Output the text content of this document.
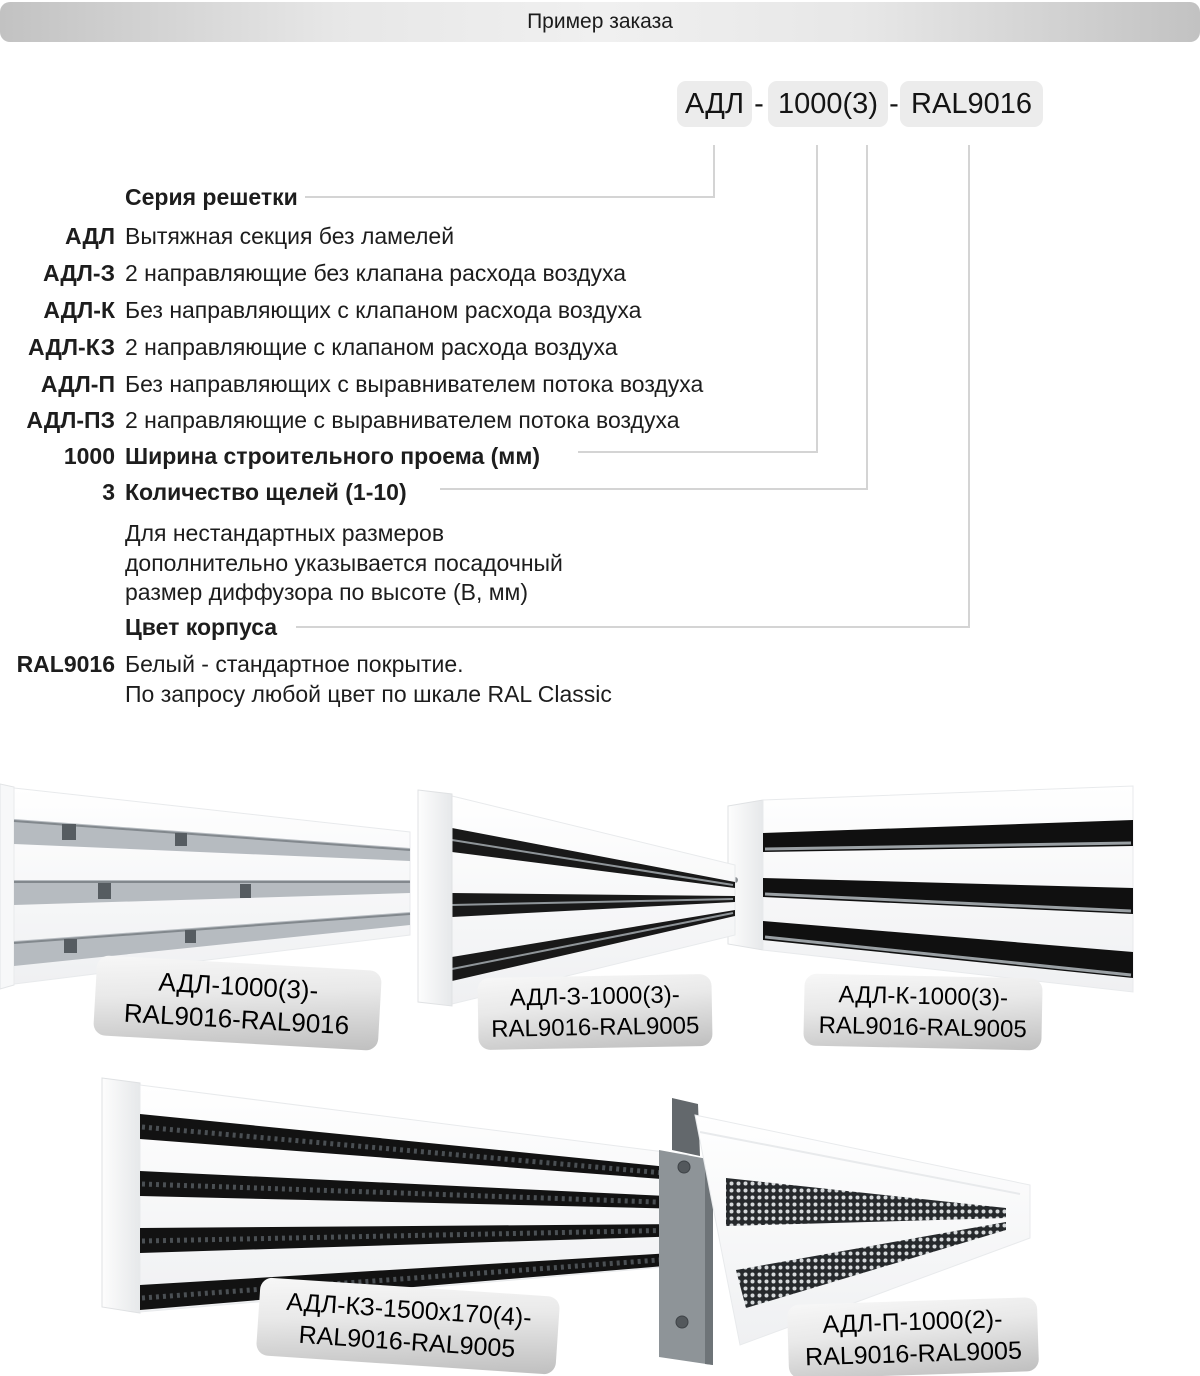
Пример заказа
АДЛ - 1000(3) - RAL9016
Серия решетки
АДЛ Вытяжная секция без ламелей
АДЛ-З 2 направляющие без клапана расхода воздуха
АДЛ-К Без направляющих с клапаном расхода воздуха
АДЛ-КЗ 2 направляющие с клапаном расхода воздуха
АДЛ-П Без направляющих с выравнивателем потока воздуха
АДЛ-ПЗ 2 направляющие с выравнивателем потока воздуха
1000 Ширина строительного проема (мм)
3 Количество щелей (1-10)
Для нестандартных размеров
дополнительно указывается посадочный
размер диффузора по высоте (В, мм)
Цвет корпуса
RAL9016 Белый - стандартное покрытие.
По запросу любой цвет по шкале RAL Classic
АДЛ-1000(3)-
RAL9016-RAL9016
АДЛ-З-1000(3)-
RAL9016-RAL9005
АДЛ-К-1000(3)-
RAL9016-RAL9005
АДЛ-КЗ-1500х170(4)-
RAL9016-RAL9005	АДЛ-П-1000(2)-
RAL9016-RAL9005
